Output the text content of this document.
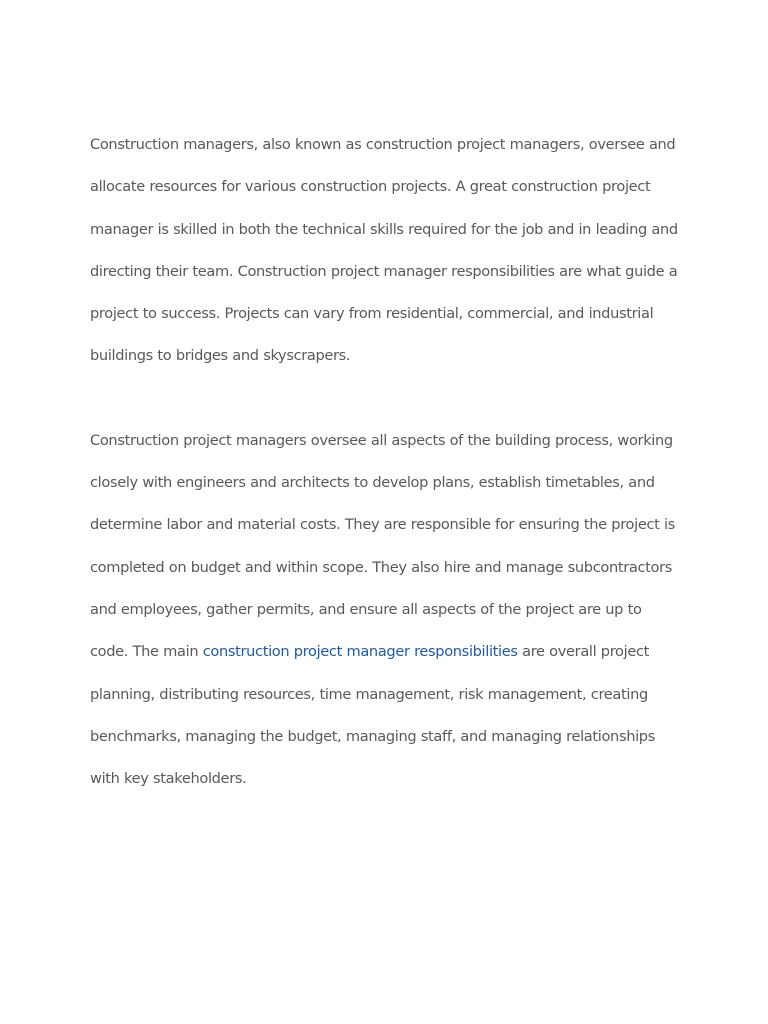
Construction managers, also known as construction project managers, oversee and allocate resources for various construction projects. A great construction project manager is skilled in both the technical skills required for the job and in leading and directing their team. Construction project manager responsibilities are what guide a project to success. Projects can vary from residential, commercial, and industrial buildings to bridges and skyscrapers.

Construction project managers oversee all aspects of the building process, working closely with engineers and architects to develop plans, establish timetables, and determine labor and material costs. They are responsible for ensuring the project is completed on budget and within scope. They also hire and manage subcontractors and employees, gather permits, and ensure all aspects of the project are up to code. The main construction project manager responsibilities are overall project planning, distributing resources, time management, risk management, creating benchmarks, managing the budget, managing staff, and managing relationships with key stakeholders.
